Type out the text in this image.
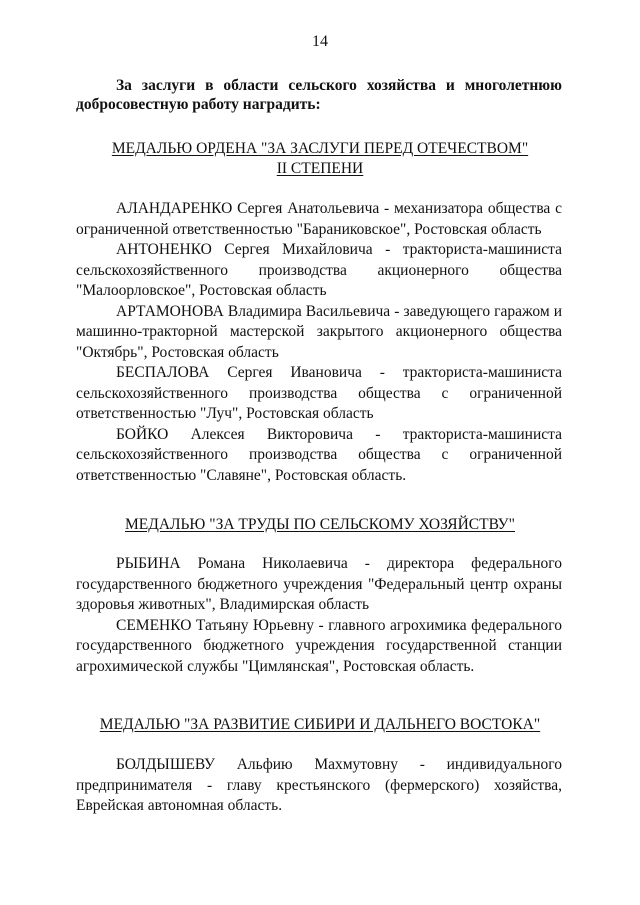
14

За заслуги в области сельского хозяйства и многолетнюю добросовестную работу наградить:

МЕДАЛЬЮ ОРДЕНА "ЗА ЗАСЛУГИ ПЕРЕД ОТЕЧЕСТВОМ"
II СТЕПЕНИ

АЛАНДАРЕНКО Сергея Анатольевича - механизатора общества с ограниченной ответственностью "Бараниковское", Ростовская область

АНТОНЕНКО Сергея Михайловича - тракториста-машиниста сельскохозяйственного производства акционерного общества "Малоорловское", Ростовская область

АРТАМОНОВА Владимира Васильевича - заведующего гаражом и машинно-тракторной мастерской закрытого акционерного общества "Октябрь", Ростовская область

БЕСПАЛОВА Сергея Ивановича - тракториста-машиниста сельскохозяйственного производства общества с ограниченной ответственностью "Луч", Ростовская область

БОЙКО Алексея Викторовича - тракториста-машиниста сельскохозяйственного производства общества с ограниченной ответственностью "Славяне", Ростовская область.

МЕДАЛЬЮ "ЗА ТРУДЫ ПО СЕЛЬСКОМУ ХОЗЯЙСТВУ"

РЫБИНА Романа Николаевича - директора федерального государственного бюджетного учреждения "Федеральный центр охраны здоровья животных", Владимирская область

СЕМЕНКО Татьяну Юрьевну - главного агрохимика федерального государственного бюджетного учреждения государственной станции агрохимической службы "Цимлянская", Ростовская область.

МЕДАЛЬЮ "ЗА РАЗВИТИЕ СИБИРИ И ДАЛЬНЕГО ВОСТОКА"

БОЛДЫШЕВУ Альфию Махмутовну - индивидуального предпринимателя - главу крестьянского (фермерского) хозяйства, Еврейская автономная область.
